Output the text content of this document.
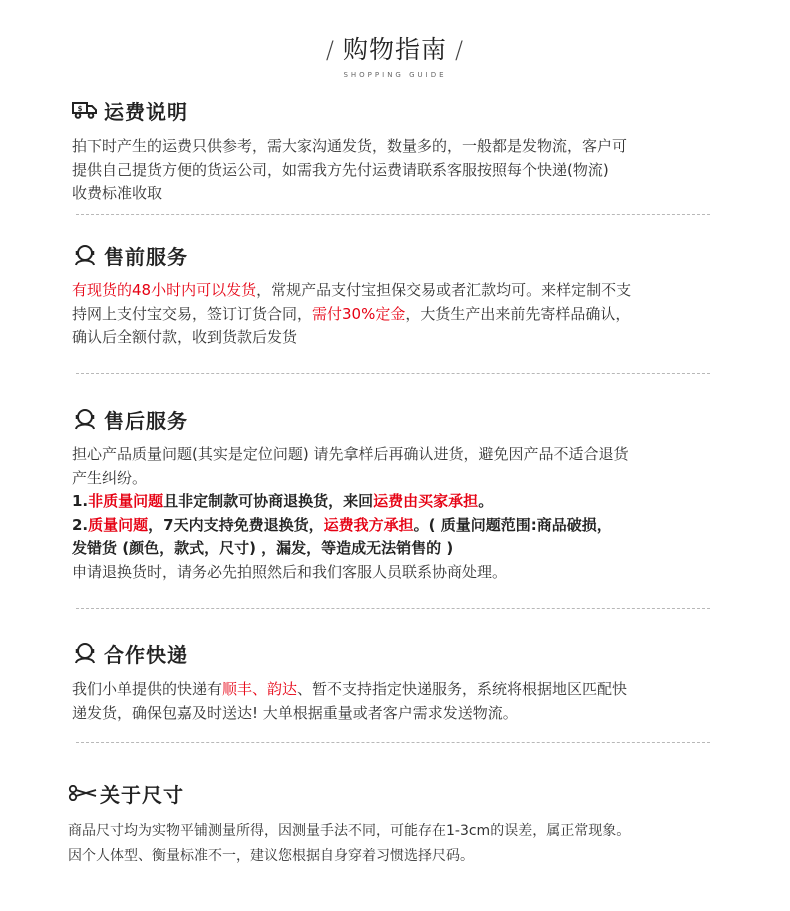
/ 购物指南 /
SHOPPING GUIDE
$ 运费说明

拍下时产生的运费只供参考，需大家沟通发货，数量多的，一般都是发物流，客户可

提供自己提货方便的货运公司，如需我方先付运费请联系客服按照每个快递(物流)

收费标准收取

售前服务

有现货的48小时内可以发货，常规产品支付宝担保交易或者汇款均可。来样定制不支

持网上支付宝交易，签订订货合同，需付30%定金，大货生产出来前先寄样品确认，

确认后全额付款，收到货款后发货

售后服务

担心产品质量问题(其实是定位问题) 请先拿样后再确认进货，避免因产品不适合退货

产生纠纷。

1.非质量问题且非定制款可协商退换货，来回运费由买家承担。

2.质量问题，7天内支持免费退换货，运费我方承担。( 质量问题范围:商品破损，

发错货 (颜色，款式，尺寸) ，漏发，等造成无法销售的 )

申请退换货时，请务必先拍照然后和我们客服人员联系协商处理。

合作快递

我们小单提供的快递有顺丰、韵达、暂不支持指定快递服务，系统将根据地区匹配快

递发货，确保包嘉及时送达! 大单根据重量或者客户需求发送物流。

关于尺寸

商品尺寸均为实物平铺测量所得，因测量手法不同，可能存在1-3cm的误差，属正常现象。

因个人体型、衡量标准不一，建议您根据自身穿着习惯选择尺码。
